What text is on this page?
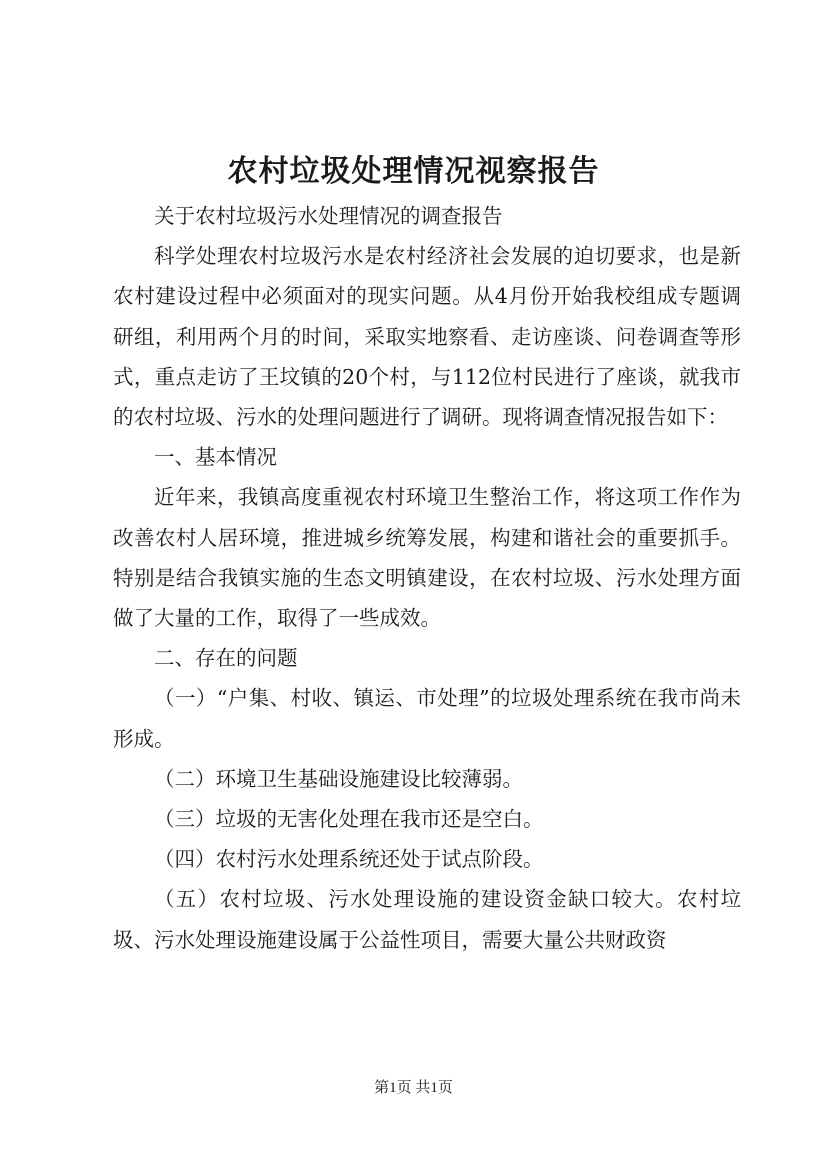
农村垃圾处理情况视察报告

关于农村垃圾污水处理情况的调查报告

科学处理农村垃圾污水是农村经济社会发展的迫切要求，也是新农村建设过程中必须面对的现实问题。从4月份开始我校组成专题调研组，利用两个月的时间，采取实地察看、走访座谈、问卷调查等形式，重点走访了王坟镇的20个村，与112位村民进行了座谈，就我市的农村垃圾、污水的处理问题进行了调研。现将调查情况报告如下：

一、基本情况

近年来，我镇高度重视农村环境卫生整治工作，将这项工作作为改善农村人居环境，推进城乡统筹发展，构建和谐社会的重要抓手。特别是结合我镇实施的生态文明镇建设，在农村垃圾、污水处理方面做了大量的工作，取得了一些成效。

二、存在的问题

（一）“户集、村收、镇运、市处理”的垃圾处理系统在我市尚未形成。

（二）环境卫生基础设施建设比较薄弱。

（三）垃圾的无害化处理在我市还是空白。

（四）农村污水处理系统还处于试点阶段。

（五）农村垃圾、污水处理设施的建设资金缺口较大。农村垃圾、污水处理设施建设属于公益性项目，需要大量公共财政资

第1页 共1页
